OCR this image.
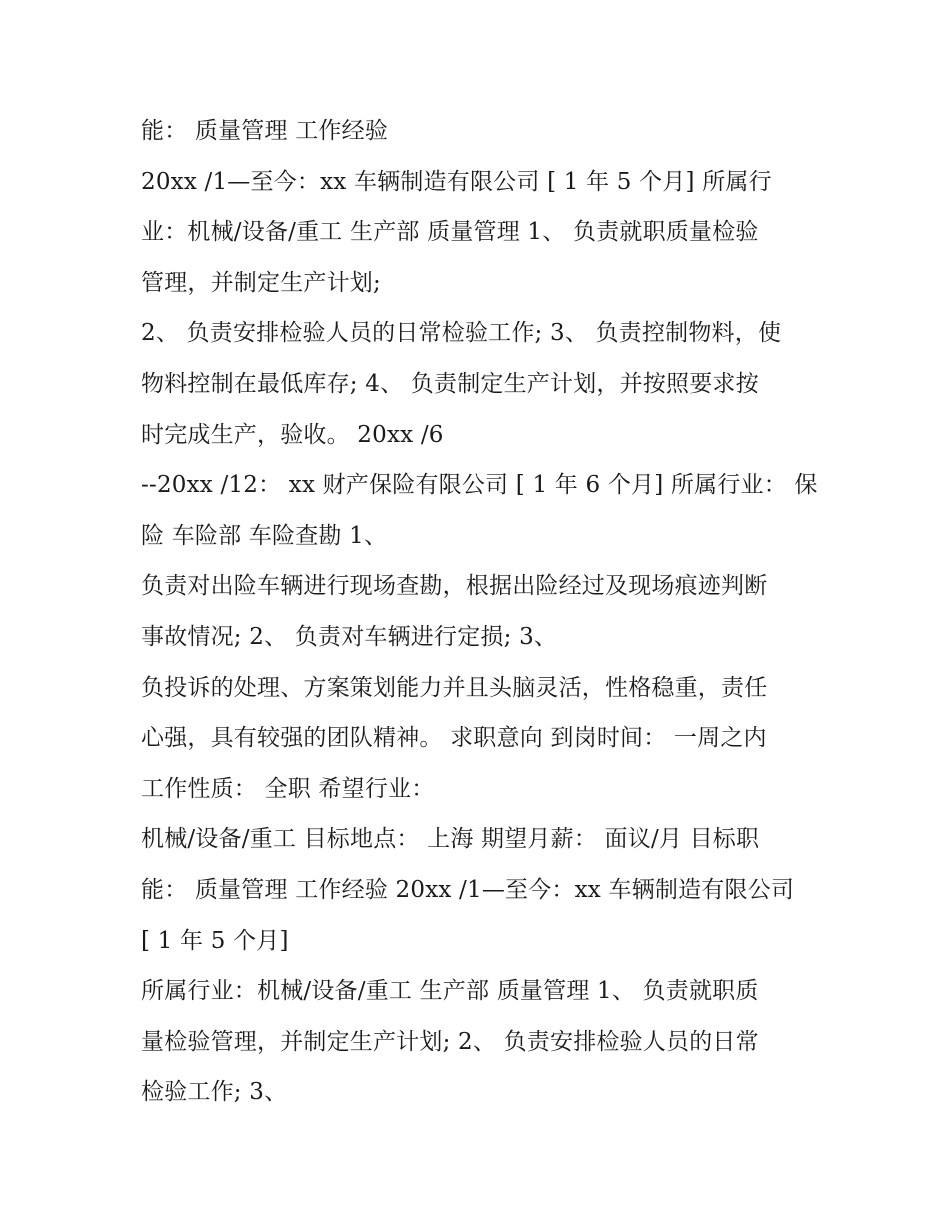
能： 质量管理 工作经验
20xx /1—至今：xx 车辆制造有限公司 [ 1 年 5 个月] 所属行
业：机械/设备/重工 生产部 质量管理 1、 负责就职质量检验
管理，并制定生产计划;
2、 负责安排检验人员的日常检验工作; 3、 负责控制物料，使
物料控制在最低库存; 4、 负责制定生产计划，并按照要求按
时完成生产，验收。 20xx /6
--20xx /12： xx 财产保险有限公司 [ 1 年 6 个月] 所属行业： 保
险 车险部 车险查勘 1、
负责对出险车辆进行现场查勘，根据出险经过及现场痕迹判断
事故情况; 2、 负责对车辆进行定损; 3、
负投诉的处理、方案策划能力并且头脑灵活，性格稳重，责任
心强，具有较强的团队精神。 求职意向 到岗时间： 一周之内
工作性质： 全职 希望行业：
机械/设备/重工 目标地点： 上海 期望月薪： 面议/月 目标职
能： 质量管理 工作经验 20xx /1—至今：xx 车辆制造有限公司
[ 1 年 5 个月]
所属行业：机械/设备/重工 生产部 质量管理 1、 负责就职质
量检验管理，并制定生产计划; 2、 负责安排检验人员的日常
检验工作; 3、
